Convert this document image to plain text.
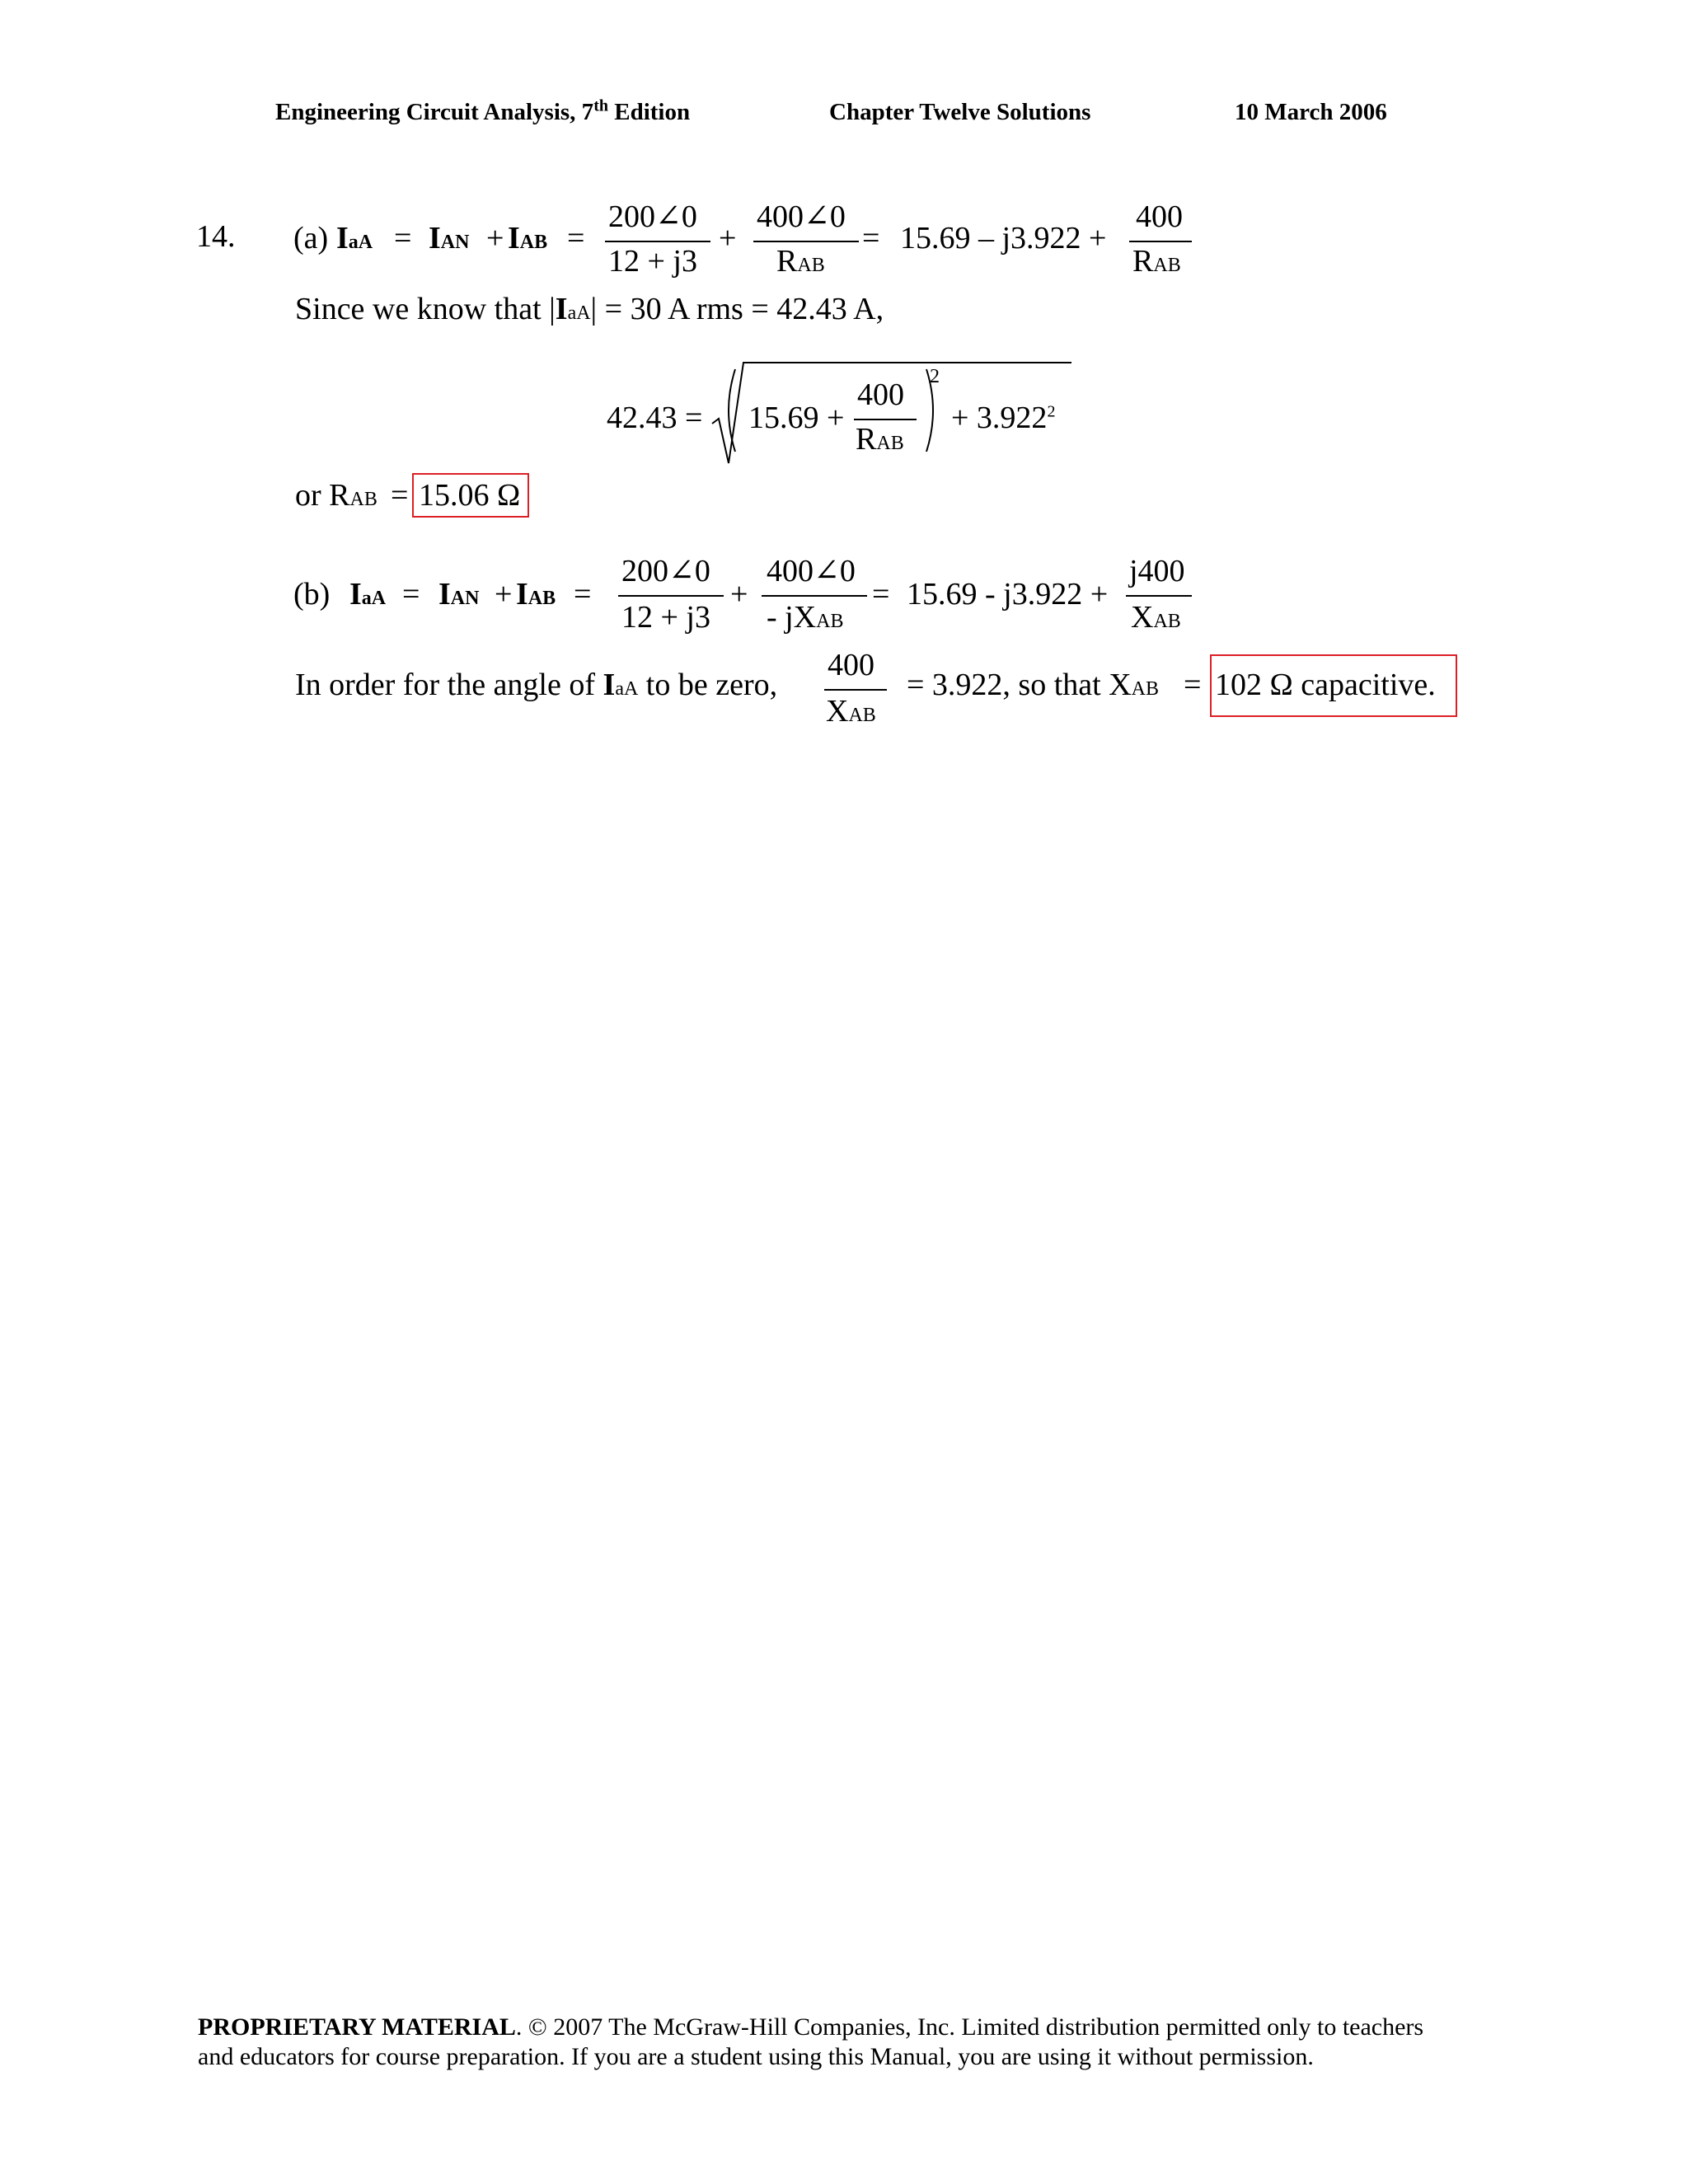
Engineering Circuit Analysis, 7th Edition	Chapter Twelve Solutions	10 March 2006
14. (a) IaA = IAN + IAB =
200∠0
12 + j3
+
400∠0
RAB
= 15.69 – j3.922 +
400
RAB
Since we know that |IaA| = 30 A rms = 42.43 A,
42.43 = 15.69 +
400
RAB
2
+ $3.922^2$
or RAB = 15.06 Ω
(b) IaA = IAN + IAB =
200∠0
12 + j3
+
400∠0
- jXAB
= 15.69 - j3.922 +
j400
XAB
In order for the angle of IaA to be zero,
400
XAB
= 3.922, so that XAB = 102 Ω capacitive.
PROPRIETARY MATERIAL. © 2007 The McGraw-Hill Companies, Inc. Limited distribution permitted only to teachers
and educators for course preparation. If you are a student using this Manual, you are using it without permission.
